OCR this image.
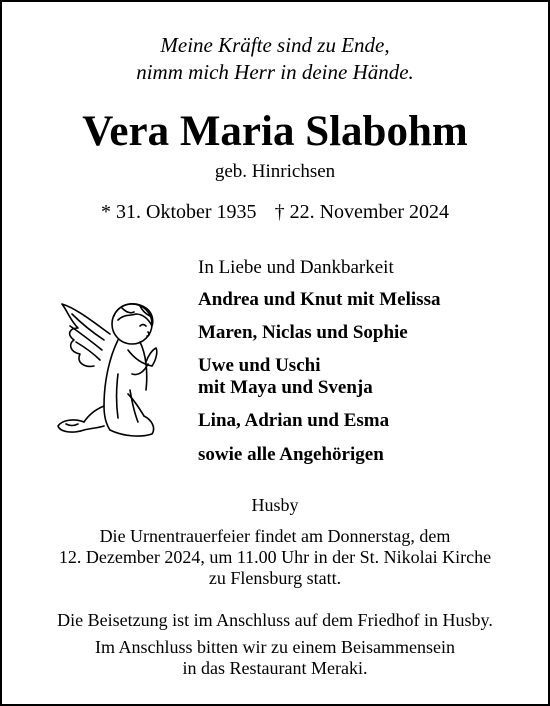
Meine Kräfte sind zu Ende,
nimm mich Herr in deine Hände.
Vera Maria Slabohm
geb. Hinrichsen
* 31. Oktober 1935 † 22. November 2024
In Liebe und Dankbarkeit
Andrea und Knut mit Melissa
Maren, Niclas und Sophie
Uwe und Uschi
mit Maya und Svenja
Lina, Adrian und Esma
sowie alle Angehörigen
Husby
Die Urnentrauerfeier findet am Donnerstag, dem
12. Dezember 2024, um 11.00 Uhr in der St. Nikolai Kirche
zu Flensburg statt.
Die Beisetzung ist im Anschluss auf dem Friedhof in Husby.
Im Anschluss bitten wir zu einem Beisammensein
in das Restaurant Meraki.
